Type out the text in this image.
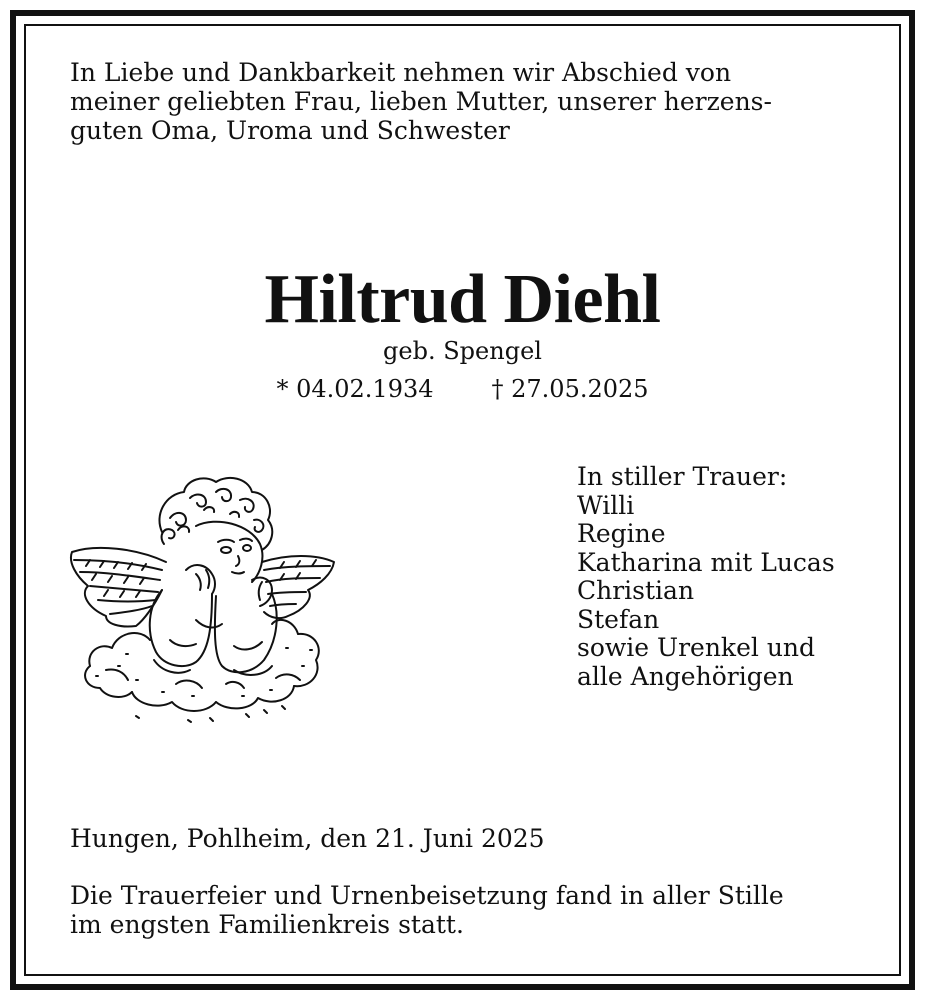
In Liebe und Dankbarkeit nehmen wir Abschied von
meiner geliebten Frau, lieben Mutter, unserer herzens-
guten Oma, Uroma und Schwester

Hiltrud Diehl
geb. Spengel
* 04.02.1934 † 27.05.2025
In stiller Trauer:
Willi
Regine
Katharina mit Lucas
Christian
Stefan
sowie Urenkel und
alle Angehörigen
Hungen, Pohlheim, den 21. Juni 2025
Die Trauerfeier und Urnenbeisetzung fand in aller Stille
im engsten Familienkreis statt.
